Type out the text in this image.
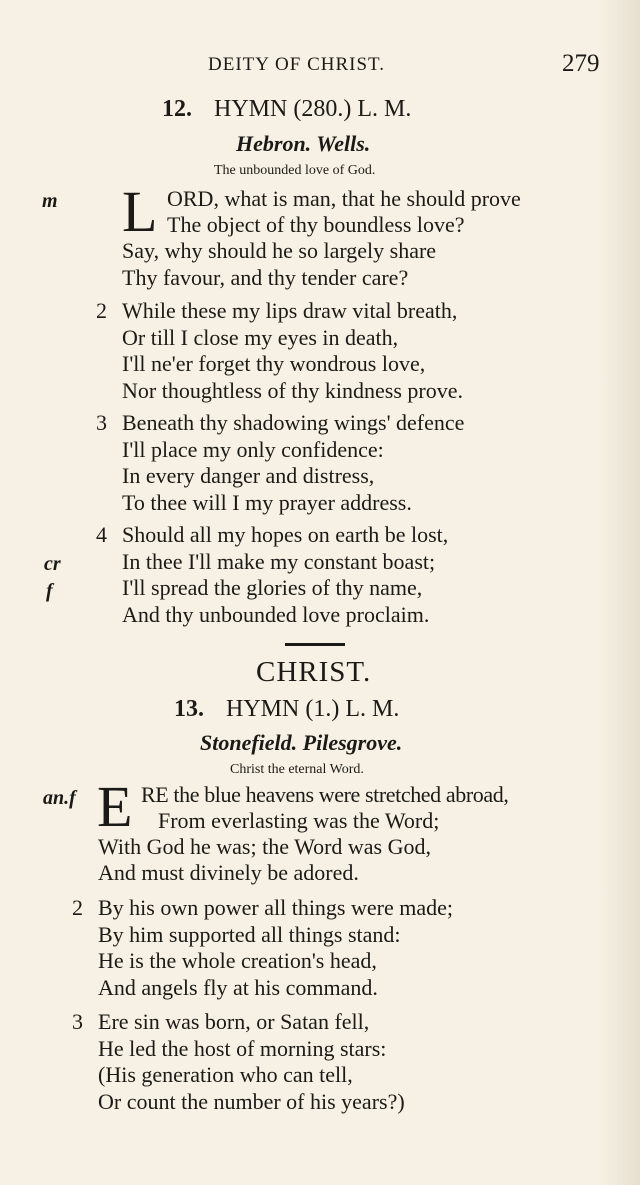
DEITY OF CHRIST.	279
12. HYMN (280.) L. M.
Hebron. Wells.
The unbounded love of God.
m L ORD, what is man, that he should prove
The object of thy boundless love?
Say, why should he so largely share
Thy favour, and thy tender care?
2 While these my lips draw vital breath,
Or till I close my eyes in death,
I'll ne'er forget thy wondrous love,
Nor thoughtless of thy kindness prove.
3 Beneath thy shadowing wings' defence
I'll place my only confidence:
In every danger and distress,
To thee will I my prayer address.
cr
f
4 Should all my hopes on earth be lost,
In thee I'll make my constant boast;
I'll spread the glories of thy name,
And thy unbounded love proclaim.
CHRIST.
13. HYMN (1.) L. M.
Stonefield. Pilesgrove.
Christ the eternal Word.
an.f E RE the blue heavens were stretched abroad,
From everlasting was the Word;
With God he was; the Word was God,
And must divinely be adored.
2 By his own power all things were made;
By him supported all things stand:
He is the whole creation's head,
And angels fly at his command.
3 Ere sin was born, or Satan fell,
He led the host of morning stars:
(His generation who can tell,
Or count the number of his years?)
